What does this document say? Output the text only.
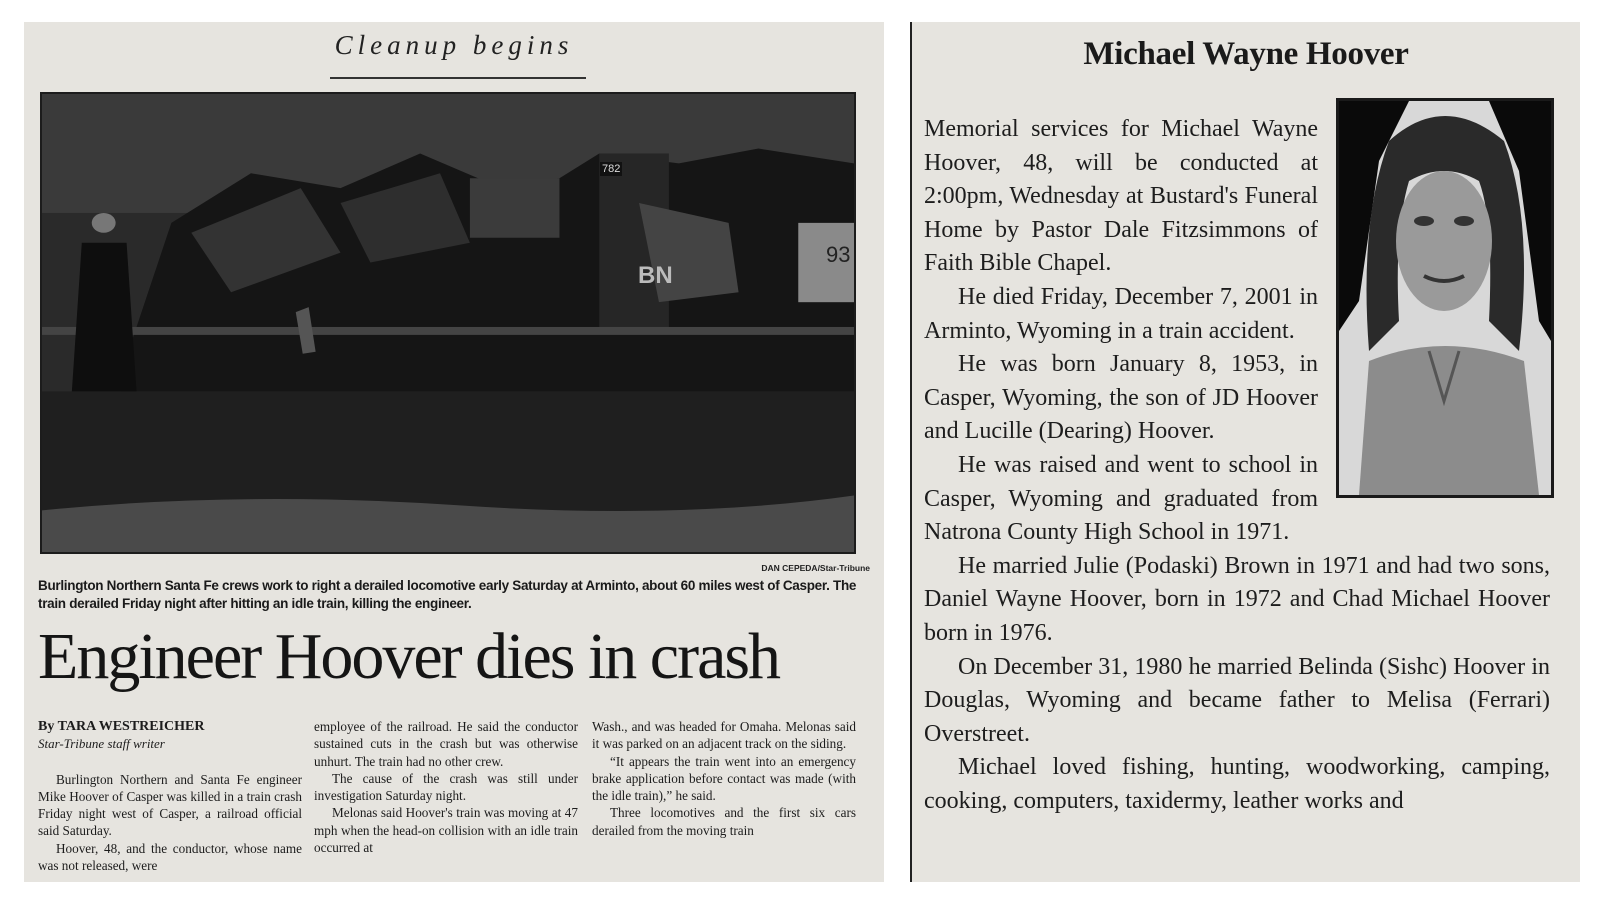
Cleanup begins
782
93
BN
DAN CEPEDA/Star-Tribune
Burlington Northern Santa Fe crews work to right a derailed locomotive early Saturday at Arminto, about 60 miles west of Casper. The train derailed Friday night after hitting an idle train, killing the engineer.
Engineer Hoover dies in crash

By TARA WESTREICHER

Star-Tribune staff writer

Burlington Northern and Santa Fe engineer Mike Hoover of Casper was killed in a train crash Friday night west of Casper, a railroad official said Saturday.

Hoover, 48, and the conductor, whose name was not released, were

employee of the railroad. He said the conductor sustained cuts in the crash but was otherwise unhurt. The train had no other crew.

The cause of the crash was still under investigation Saturday night.

Melonas said Hoover's train was moving at 47 mph when the head-on collision with an idle train occurred at

Wash., and was headed for Omaha. Melonas said it was parked on an adjacent track on the siding.

“It appears the train went into an emergency brake application before contact was made (with the idle train),” he said.

Three locomotives and the first six cars derailed from the moving train

Michael Wayne Hoover

Memorial services for Michael Wayne Hoover, 48, will be conducted at 2:00pm, Wednesday at Bustard's Funeral Home by Pastor Dale Fitzsimmons of Faith Bible Chapel.

He died Friday, December 7, 2001 in Arminto, Wyoming in a train accident.

He was born January 8, 1953, in Casper, Wyoming, the son of JD Hoover and Lucille (Dearing) Hoover.

He was raised and went to school in Casper, Wyoming and graduated from Natrona County High School in 1971.

He married Julie (Podaski) Brown in 1971 and had two sons, Daniel Wayne Hoover, born in 1972 and Chad Michael Hoover born in 1976.

On December 31, 1980 he married Belinda (Sishc) Hoover in Douglas, Wyoming and became father to Melisa (Ferrari) Overstreet.

Michael loved fishing, hunting, woodworking, camping, cooking, computers, taxidermy, leather works and
